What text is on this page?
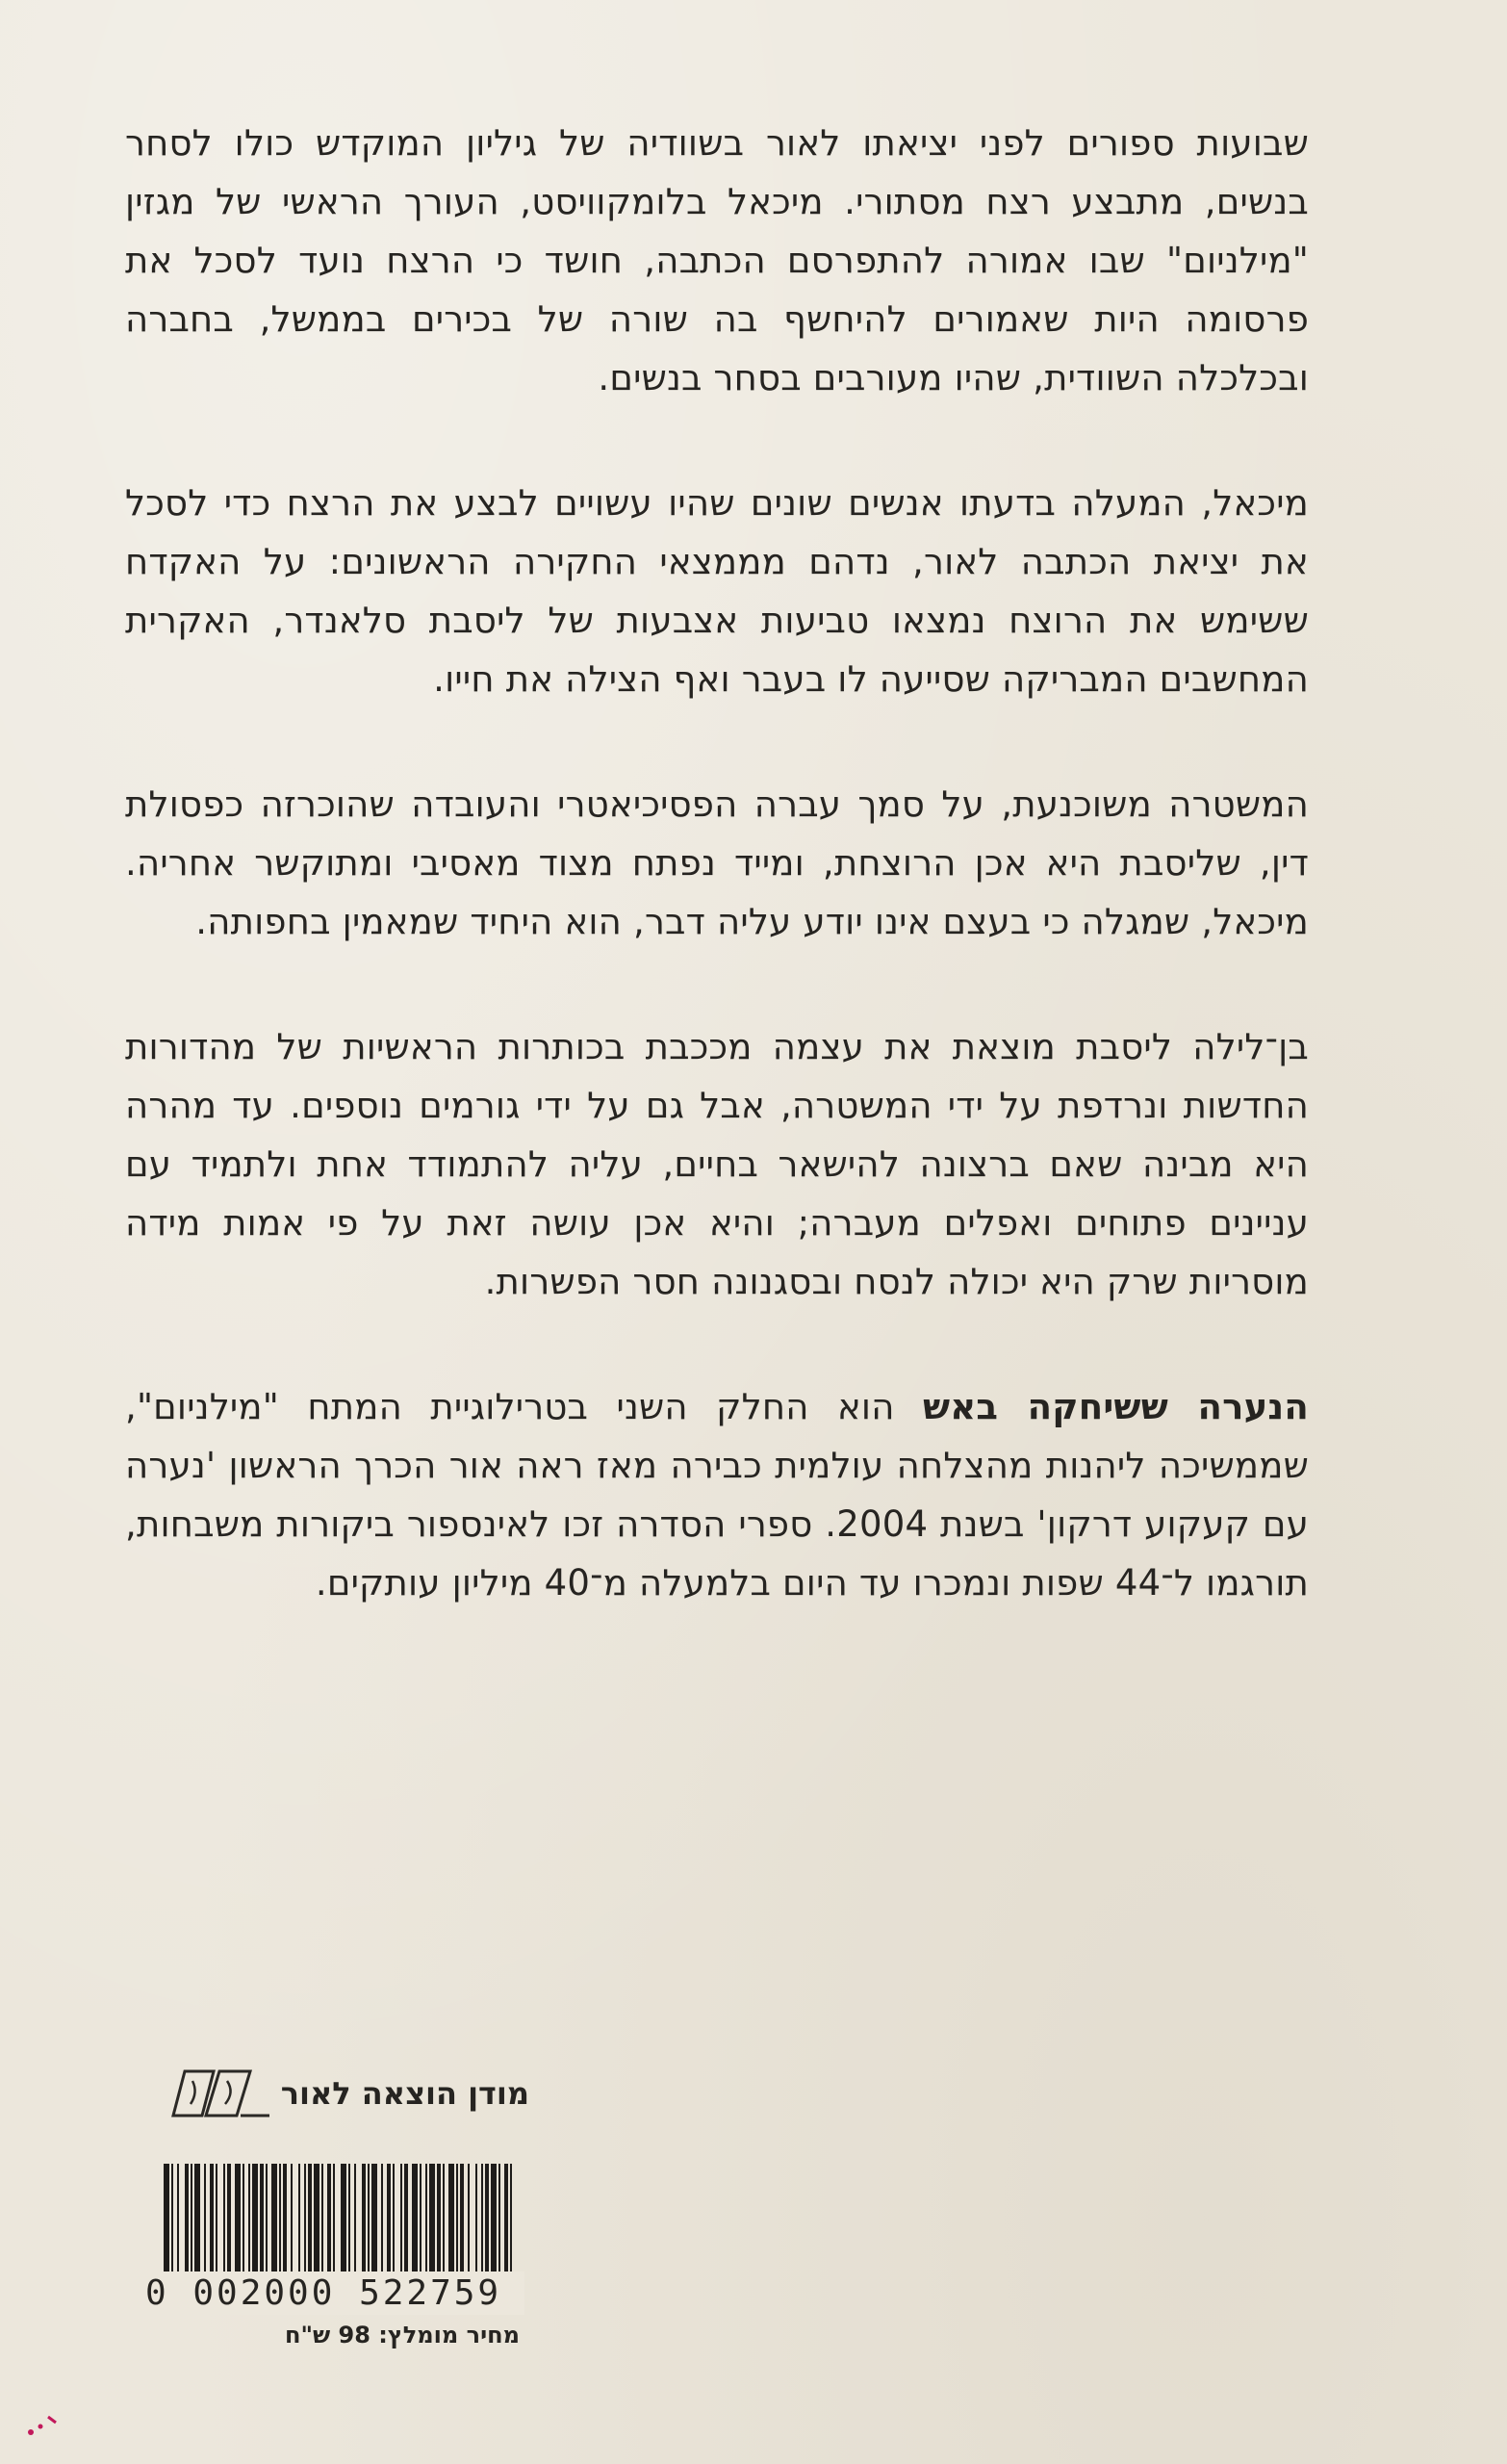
שבועות ספורים לפני יציאתו לאור בשוודיה של גיליון המוקדש כולו לסחר בנשים, מתבצע רצח מסתורי. מיכאל בלומקוויסט, העורך הראשי של מגזין "מילניום" שבו אמורה להתפרסם הכתבה, חושד כי הרצח נועד לסכל את פרסומה היות שאמורים להיחשף בה שורה של בכירים בממשל, בחברה ובכלכלה השוודית, שהיו מעורבים בסחר בנשים.

מיכאל, המעלה בדעתו אנשים שונים שהיו עשויים לבצע את הרצח כדי לסכל את יציאת הכתבה לאור, נדהם מממצאי החקירה הראשונים: על האקדח ששימש את הרוצח נמצאו טביעות אצבעות של ליסבת סלאנדר, האקרית המחשבים המבריקה שסייעה לו בעבר ואף הצילה את חייו.

המשטרה משוכנעת, על סמך עברה הפסיכיאטרי והעובדה שהוכרזה כפסולת דין, שליסבת היא אכן הרוצחת, ומייד נפתח מצוד מאסיבי ומתוקשר אחריה. מיכאל, שמגלה כי בעצם אינו יודע עליה דבר, הוא היחיד שמאמין בחפותה.

בן־לילה ליסבת מוצאת את עצמה מככבת בכותרות הראשיות של מהדורות החדשות ונרדפת על ידי המשטרה, אבל גם על ידי גורמים נוספים. עד מהרה היא מבינה שאם ברצונה להישאר בחיים, עליה להתמודד אחת ולתמיד עם עניינים פתוחים ואפלים מעברה; והיא אכן עושה זאת על פי אמות מידה מוסריות שרק היא יכולה לנסח ובסגנונה חסר הפשרות.

הנערה ששיחקה באש הוא החלק השני בטרילוגיית המתח "מילניום", שממשיכה ליהנות מהצלחה עולמית כבירה מאז ראה אור הכרך הראשון 'נערה עם קעקוע דרקון' בשנת 2004. ספרי הסדרה זכו לאינספור ביקורות משבחות, תורגמו ל־44 שפות ונמכרו עד היום בלמעלה מ־40 מיליון עותקים.

מודן הוצאה לאור
0 002000 522759
מחיר מומלץ: 98 ש"ח
